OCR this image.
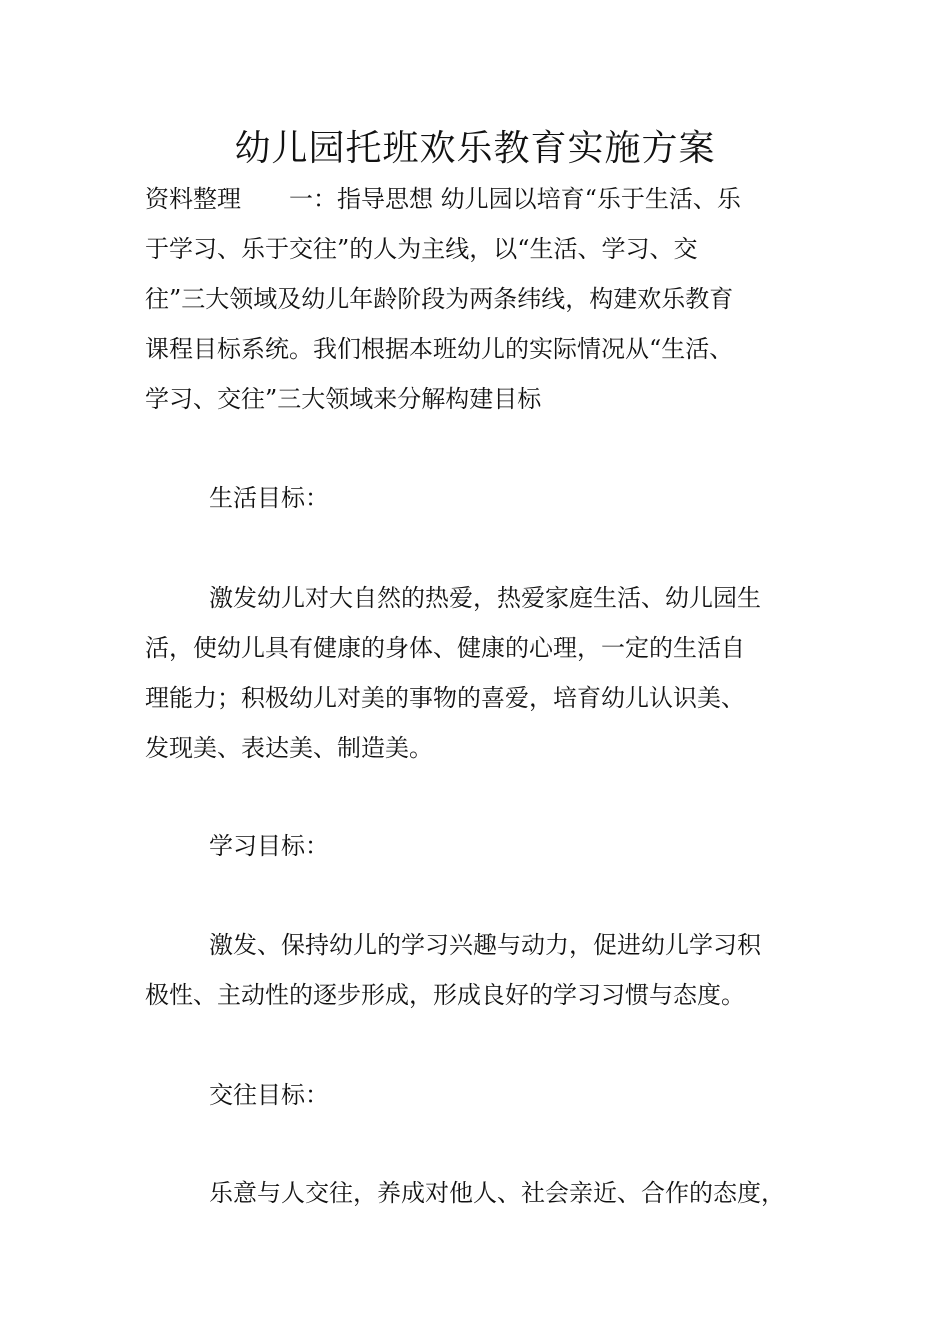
幼儿园托班欢乐教育实施方案
资料整理　　一：指导思想 幼儿园以培育“乐于生活、乐
于学习、乐于交往”的人为主线，以“生活、学习、交
往”三大领域及幼儿年龄阶段为两条纬线，构建欢乐教育
课程目标系统。我们根据本班幼儿的实际情况从“生活、
学习、交往”三大领域来分解构建目标
生活目标：
激发幼儿对大自然的热爱，热爱家庭生活、幼儿园生
活，使幼儿具有健康的身体、健康的心理，一定的生活自
理能力；积极幼儿对美的事物的喜爱，培育幼儿认识美、
发现美、表达美、制造美。
学习目标：
激发、保持幼儿的学习兴趣与动力，促进幼儿学习积
极性、主动性的逐步形成，形成良好的学习习惯与态度。
交往目标：
乐意与人交往，养成对他人、社会亲近、合作的态度，
